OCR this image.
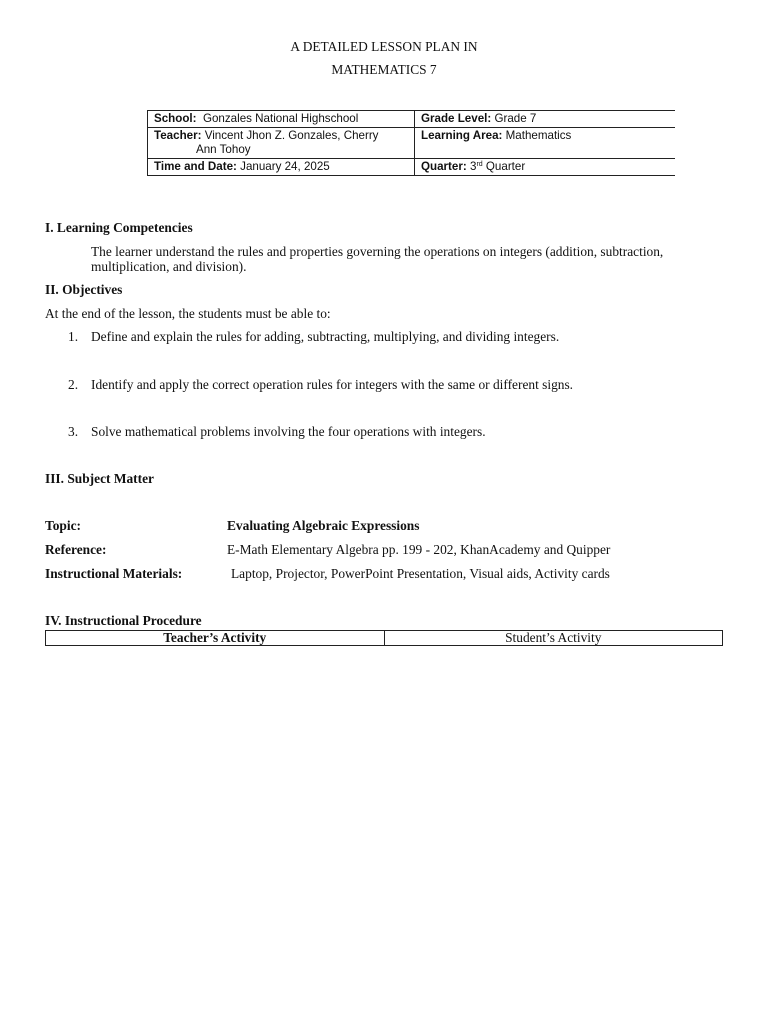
A DETAILED LESSON PLAN IN
MATHEMATICS 7
School: Gonzales National Highschool	Grade Level: Grade 7
Teacher: Vincent Jhon Z. Gonzales, Cherry
Ann Tohoy	Learning Area: Mathematics
Time and Date: January 24, 2025	Quarter: 3rd Quarter
I. Learning Competencies
The learner understand the rules and properties governing the operations on integers (addition, subtraction, multiplication, and division).
II. Objectives
At the end of the lesson, the students must be able to:
1. Define and explain the rules for adding, subtracting, multiplying, and dividing integers.
2. Identify and apply the correct operation rules for integers with the same or different signs.
3. Solve mathematical problems involving the four operations with integers.
III. Subject Matter
Topic:	Evaluating Algebraic Expressions
Reference:	E-Math Elementary Algebra pp. 199 - 202, KhanAcademy and Quipper
Instructional Materials:	Laptop, Projector, PowerPoint Presentation, Visual aids, Activity cards
IV. Instructional Procedure
Teacher’s Activity	Student’s Activity
